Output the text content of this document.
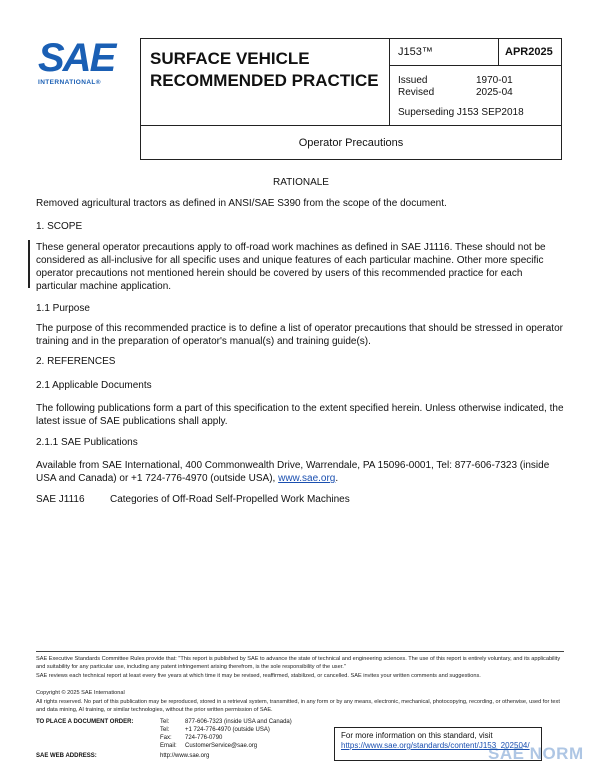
SAE
INTERNATIONAL®
SURFACE VEHICLE
RECOMMENDED PRACTICE
J153™	APR2025
Issued	1970-01
Revised	2025-04
Superseding J153 SEP2018
Operator Precautions
RATIONALE
Removed agricultural tractors as defined in ANSI/SAE S390 from the scope of the document.
1. SCOPE
These general operator precautions apply to off-road work machines as defined in SAE J1116. These should not be considered as all-inclusive for all specific uses and unique features of each particular machine. Other more specific operator precautions not mentioned herein should be covered by users of this recommended practice for each particular machine application.
1.1 Purpose
The purpose of this recommended practice is to define a list of operator precautions that should be stressed in operator training and in the preparation of operator's manual(s) and training guide(s).
2. REFERENCES
2.1 Applicable Documents
The following publications form a part of this specification to the extent specified herein. Unless otherwise indicated, the latest issue of SAE publications shall apply.
2.1.1 SAE Publications
Available from SAE International, 400 Commonwealth Drive, Warrendale, PA 15096-0001, Tel: 877-606-7323 (inside USA and Canada) or +1 724-776-4970 (outside USA), www.sae.org.
SAE J1116	Categories of Off-Road Self-Propelled Work Machines
SAE Executive Standards Committee Rules provide that: "This report is published by SAE to advance the state of technical and engineering sciences. The use of this report is entirely voluntary, and its applicability and suitability for any particular use, including any patent infringement arising therefrom, is the sole responsibility of the user."
SAE reviews each technical report at least every five years at which time it may be revised, reaffirmed, stabilized, or cancelled. SAE invites your written comments and suggestions.
Copyright © 2025 SAE International
All rights reserved. No part of this publication may be reproduced, stored in a retrieval system, transmitted, in any form or by any means, electronic, mechanical, photocopying, recording, or otherwise, used for text and data mining, AI training, or similar technologies, without the prior written permission of SAE.
TO PLACE A DOCUMENT ORDER:	Tel:	877-606-7323 (inside USA and Canada)
Tel:	+1 724-776-4970 (outside USA)
Fax: 724-776-0790
Email: CustomerService@sae.org
SAE WEB ADDRESS:	http://www.sae.org
For more information on this standard, visit
https://www.sae.org/standards/content/J153_202504/
SAE NORM
